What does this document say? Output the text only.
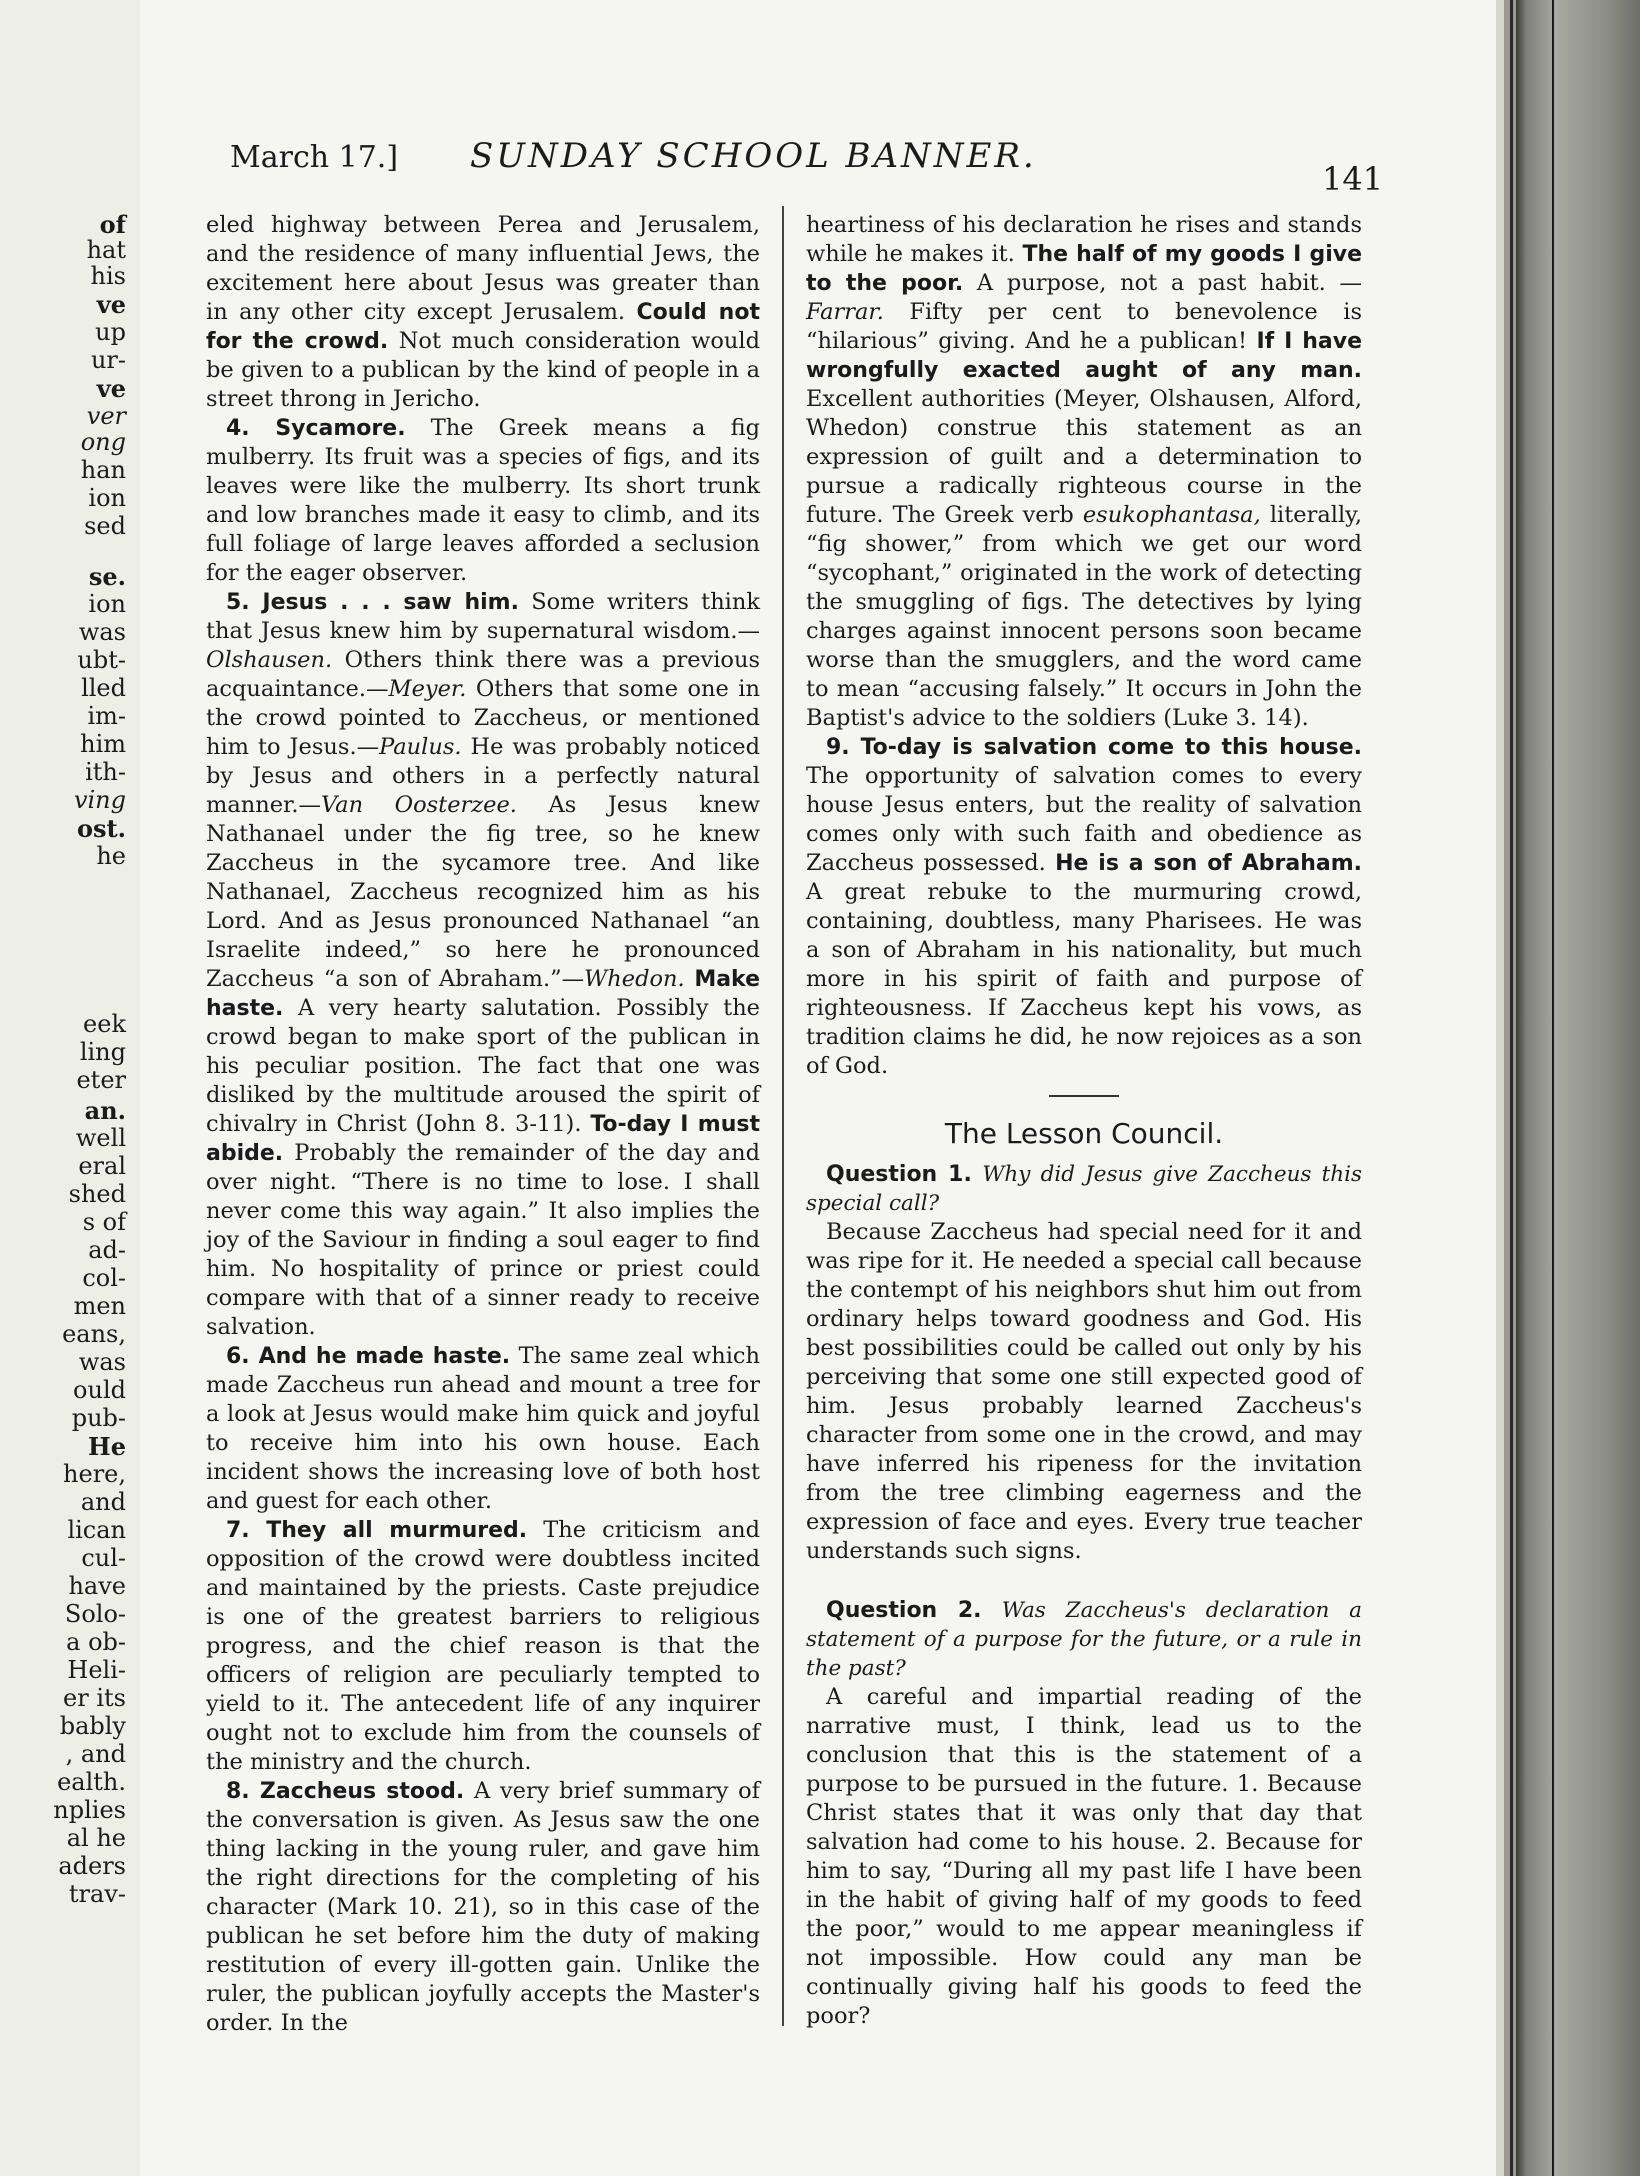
of
hat
his
ve
up
ur-
ve
ver
ong
han
ion
sed
se.
ion
was
ubt-
lled
im-
him
ith-
ving
ost.
he
eek
ling
eter
an.
well
eral
shed
s of
ad-
col-
men
eans,
was
ould
pub-
He
here,
and
lican
cul-
have
Solo-
a ob-
Heli-
er its
bably
, and
ealth.
nplies
al he
aders
trav-
March 17.] SUNDAY SCHOOL BANNER.
141

eled highway between Perea and Jerusalem, and the residence of many influential Jews, the excitement here about Jesus was greater than in any other city except Jerusalem. Could not for the crowd. Not much consideration would be given to a publican by the kind of people in a street throng in Jericho.

4. Sycamore. The Greek means a fig mulberry. Its fruit was a species of figs, and its leaves were like the mulberry. Its short trunk and low branches made it easy to climb, and its full foliage of large leaves afforded a seclusion for the eager observer.

5. Jesus . . . saw him. Some writers think that Jesus knew him by supernatural wisdom.—Olshausen. Others think there was a previous acquaintance.—Meyer. Others that some one in the crowd pointed to Zaccheus, or mentioned him to Jesus.—Paulus. He was probably noticed by Jesus and others in a perfectly natural manner.—Van Oosterzee. As Jesus knew Nathanael under the fig tree, so he knew Zaccheus in the sycamore tree. And like Nathanael, Zaccheus recognized him as his Lord. And as Jesus pronounced Nathanael “an Israelite indeed,” so here he pronounced Zaccheus “a son of Abraham.”—Whedon. Make haste. A very hearty salutation. Possibly the crowd began to make sport of the publican in his peculiar position. The fact that one was disliked by the multitude aroused the spirit of chivalry in Christ (John 8. 3-11). To-day I must abide. Probably the remainder of the day and over night. “There is no time to lose. I shall never come this way again.” It also implies the joy of the Saviour in finding a soul eager to find him. No hospitality of prince or priest could compare with that of a sinner ready to receive salvation.

6. And he made haste. The same zeal which made Zaccheus run ahead and mount a tree for a look at Jesus would make him quick and joyful to receive him into his own house. Each incident shows the increasing love of both host and guest for each other.

7. They all murmured. The criticism and opposition of the crowd were doubtless incited and maintained by the priests. Caste prejudice is one of the greatest barriers to religious progress, and the chief reason is that the officers of religion are peculiarly tempted to yield to it. The antecedent life of any inquirer ought not to exclude him from the counsels of the ministry and the church.

8. Zaccheus stood. A very brief summary of the conversation is given. As Jesus saw the one thing lacking in the young ruler, and gave him the right directions for the completing of his character (Mark 10. 21), so in this case of the publican he set before him the duty of making restitution of every ill-gotten gain. Unlike the ruler, the publican joyfully accepts the Master's order. In the

heartiness of his declaration he rises and stands while he makes it. The half of my goods I give to the poor. A purpose, not a past habit. —Farrar. Fifty per cent to benevolence is “hilarious” giving. And he a publican! If I have wrongfully exacted aught of any man. Excellent authorities (Meyer, Olshausen, Alford, Whedon) construe this statement as an expression of guilt and a determination to pursue a radically righteous course in the future. The Greek verb esukophantasa, literally, “fig shower,” from which we get our word “sycophant,” originated in the work of detecting the smuggling of figs. The detectives by lying charges against innocent persons soon became worse than the smugglers, and the word came to mean “accusing falsely.” It occurs in John the Baptist's advice to the soldiers (Luke 3. 14).

9. To-day is salvation come to this house. The opportunity of salvation comes to every house Jesus enters, but the reality of salvation comes only with such faith and obedience as Zaccheus possessed. He is a son of Abraham. A great rebuke to the murmuring crowd, containing, doubtless, many Pharisees. He was a son of Abraham in his nationality, but much more in his spirit of faith and purpose of righteousness. If Zaccheus kept his vows, as tradition claims he did, he now rejoices as a son of God.

The Lesson Council.

Question 1. Why did Jesus give Zaccheus this special call?

Because Zaccheus had special need for it and was ripe for it. He needed a special call because the contempt of his neighbors shut him out from ordinary helps toward goodness and God. His best possibilities could be called out only by his perceiving that some one still expected good of him. Jesus probably learned Zaccheus's character from some one in the crowd, and may have inferred his ripeness for the invitation from the tree climbing eagerness and the expression of face and eyes. Every true teacher understands such signs.

Question 2. Was Zaccheus's declaration a statement of a purpose for the future, or a rule in the past?

A careful and impartial reading of the narrative must, I think, lead us to the conclusion that this is the statement of a purpose to be pursued in the future. 1. Because Christ states that it was only that day that salvation had come to his house. 2. Because for him to say, “During all my past life I have been in the habit of giving half of my goods to feed the poor,” would to me appear meaningless if not impossible. How could any man be continually giving half his goods to feed the poor?
